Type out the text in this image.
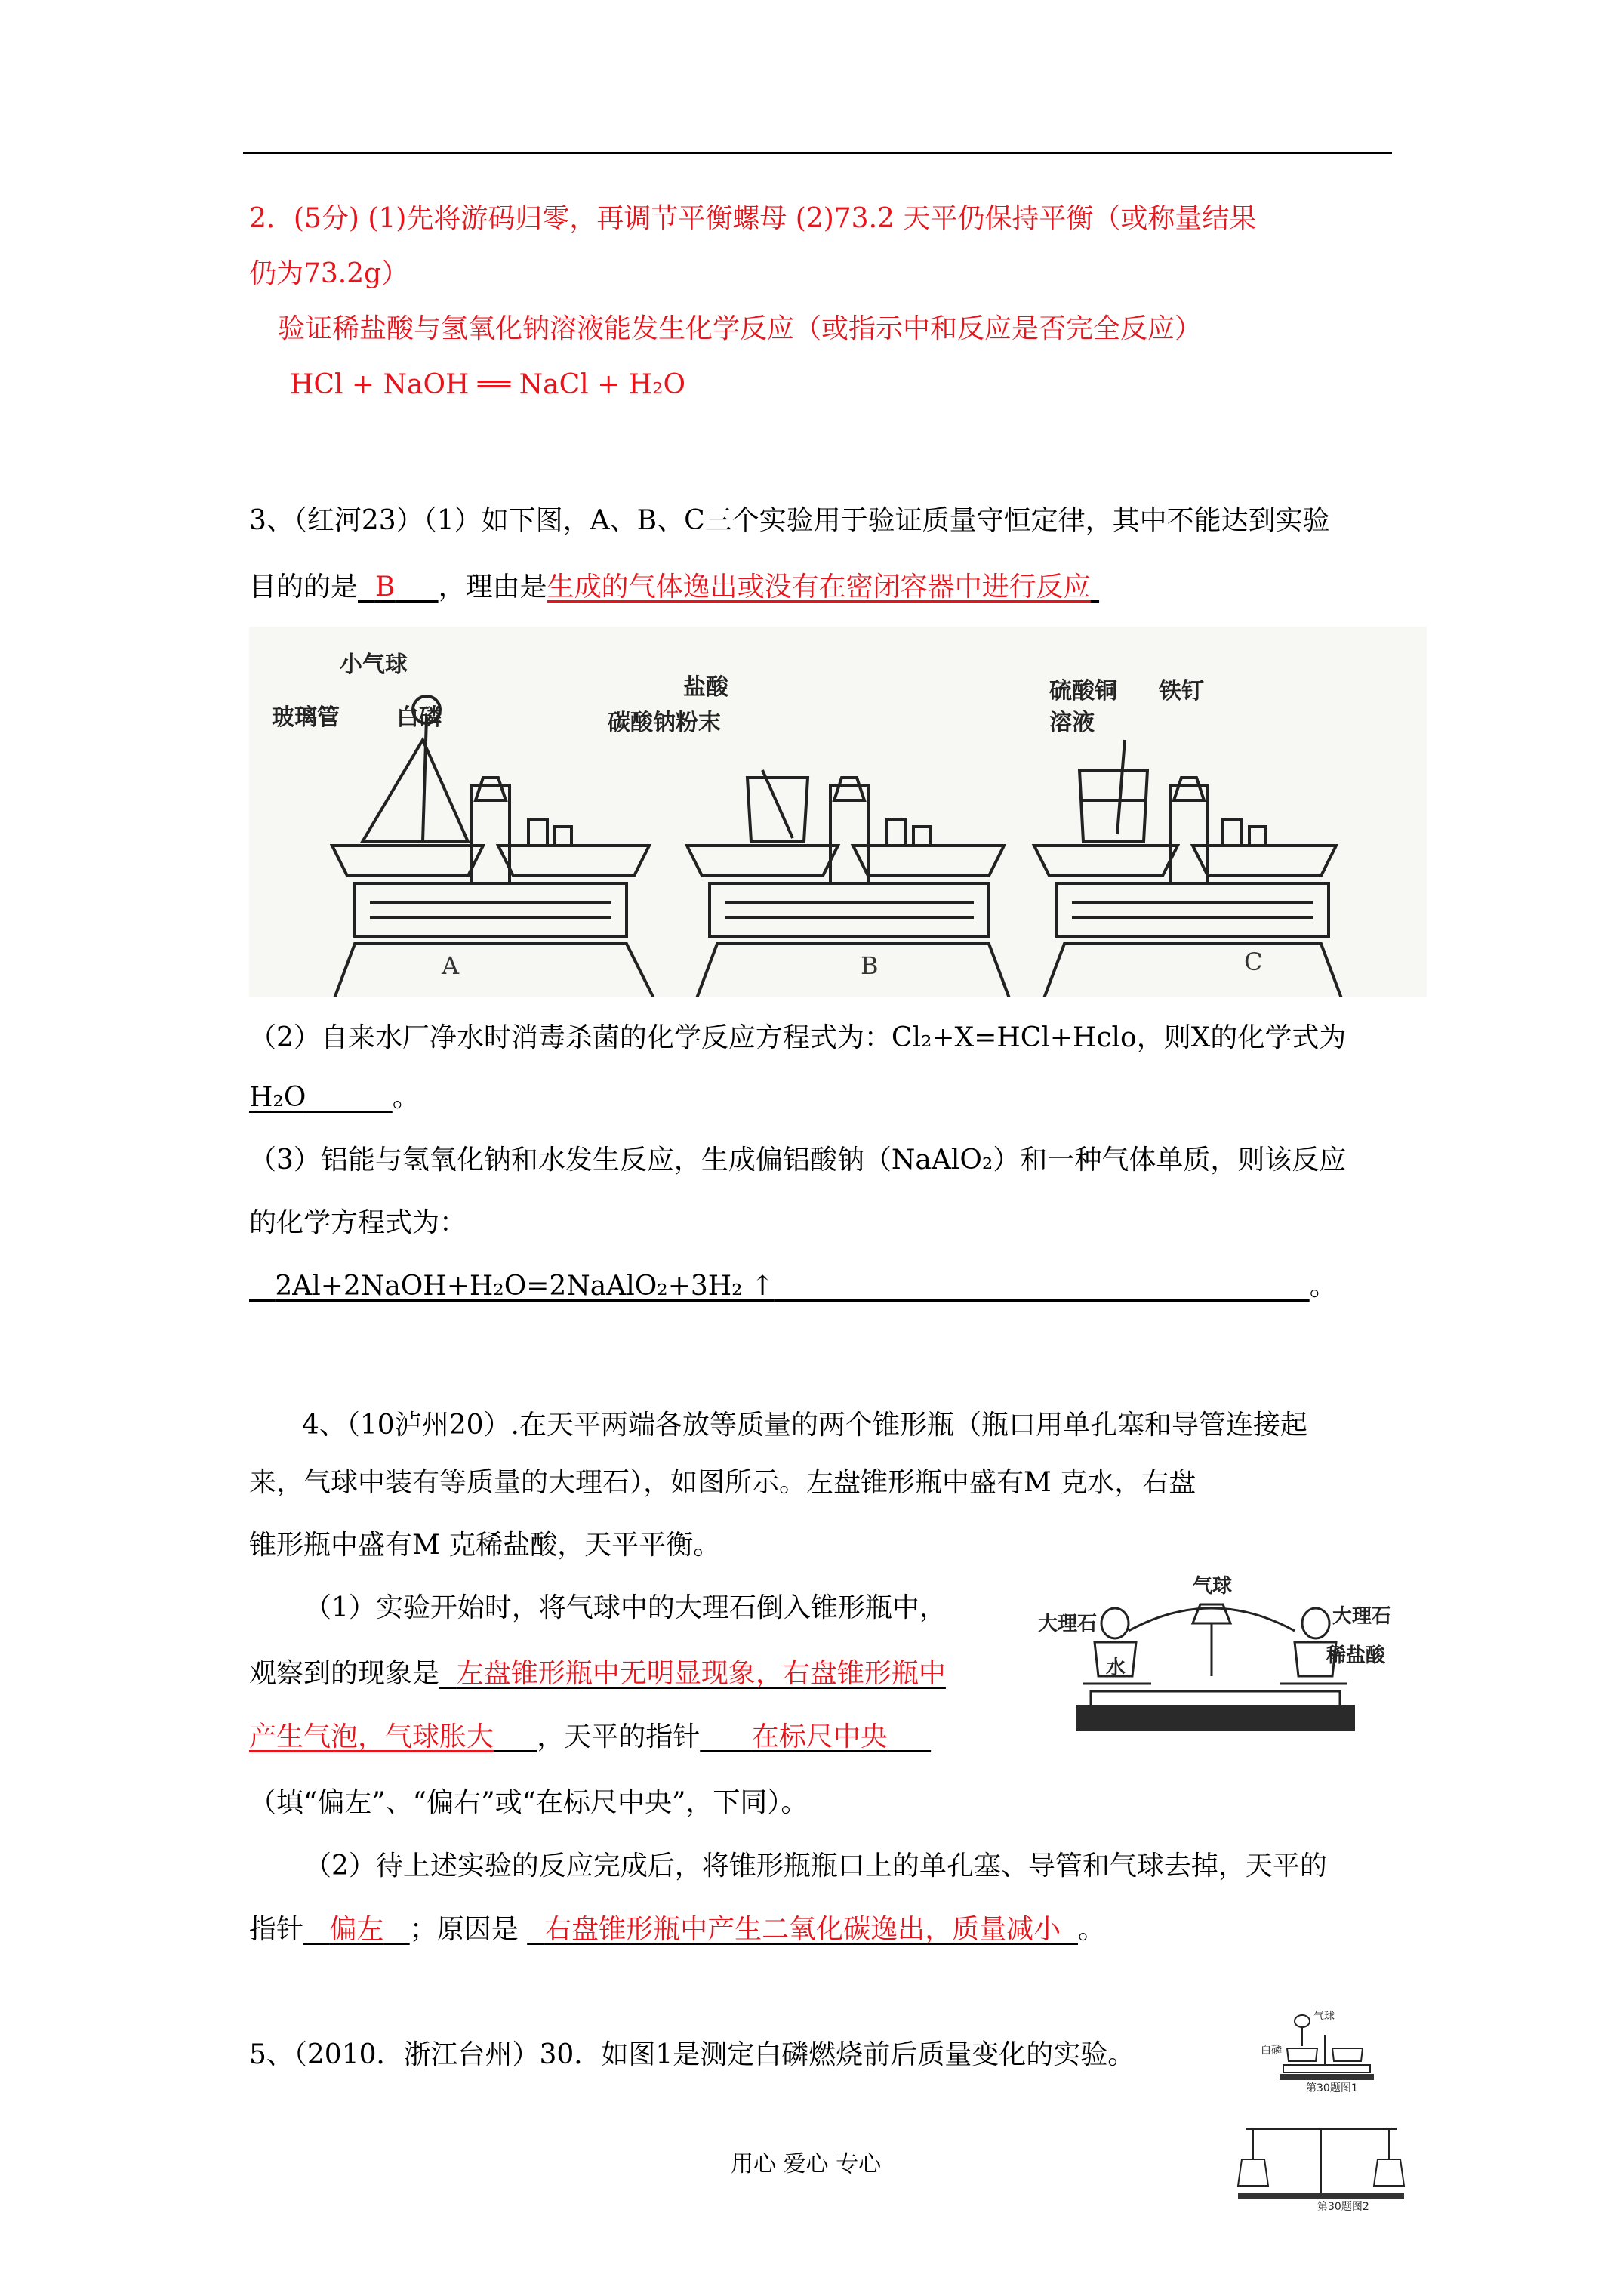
2．(5分) (1)先将游码归零，再调节平衡螺母 (2)73.2 天平仍保持平衡（或称量结果
仍为73.2g）
验证稀盐酸与氢氧化钠溶液能发生化学反应（或指示中和反应是否完全反应）
HCl + NaOH ══ NaCl + H₂O
3、（红河23）（1）如下图，A、B、C三个实验用于验证质量守恒定律，其中不能达到实验
目的的是 B ，理由是生成的气体逸出或没有在密闭容器中进行反应
小气球
玻璃管	白磷
盐酸
碳酸钠粉末
硫酸铜
溶液
铁钉
A	B	C
（2）自来水厂净水时消毒杀菌的化学反应方程式为：Cl₂+X=HCl+Hclo，则X的化学式为
H₂O	。
（3）铝能与氢氧化钠和水发生反应，生成偏铝酸钠（NaAlO₂）和一种气体单质，则该反应
的化学方程式为：
2Al+2NaOH+H₂O=2NaAlO₂+3H₂ ↑	。
4、（10泸州20）.在天平两端各放等质量的两个锥形瓶（瓶口用单孔塞和导管连接起
来，气球中装有等质量的大理石），如图所示。左盘锥形瓶中盛有M 克水，右盘
锥形瓶中盛有M 克稀盐酸，天平平衡。
（1）实验开始时，将气球中的大理石倒入锥形瓶中，
观察到的现象是 左盘锥形瓶中无明显现象，右盘锥形瓶中
产生气泡，气球胀大 ，天平的指针 在标尺中央
（填“偏左”、“偏右”或“在标尺中央”，下同）。
（2）待上述实验的反应完成后，将锥形瓶瓶口上的单孔塞、导管和气球去掉，天平的
指针 偏左 ；原因是 右盘锥形瓶中产生二氧化碳逸出，质量减小 。
气球
大理石	大理石
水
稀盐酸
5、（2010．浙江台州）30．如图1是测定白磷燃烧前后质量变化的实验。
气球
白磷
第30题图1
第30题图2
用心 爱心 专心
